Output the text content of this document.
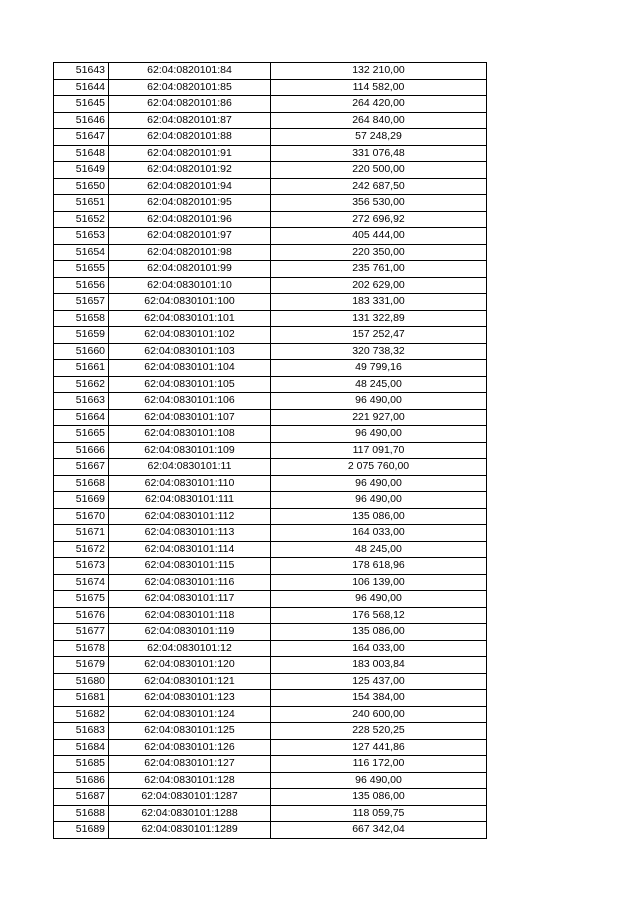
51643	62:04:0820101:84	132 210,00
51644	62:04:0820101:85	114 582,00
51645	62:04:0820101:86	264 420,00
51646	62:04:0820101:87	264 840,00
51647	62:04:0820101:88	57 248,29
51648	62:04:0820101:91	331 076,48
51649	62:04:0820101:92	220 500,00
51650	62:04:0820101:94	242 687,50
51651	62:04:0820101:95	356 530,00
51652	62:04:0820101:96	272 696,92
51653	62:04:0820101:97	405 444,00
51654	62:04:0820101:98	220 350,00
51655	62:04:0820101:99	235 761,00
51656	62:04:0830101:10	202 629,00
51657	62:04:0830101:100	183 331,00
51658	62:04:0830101:101	131 322,89
51659	62:04:0830101:102	157 252,47
51660	62:04:0830101:103	320 738,32
51661	62:04:0830101:104	49 799,16
51662	62:04:0830101:105	48 245,00
51663	62:04:0830101:106	96 490,00
51664	62:04:0830101:107	221 927,00
51665	62:04:0830101:108	96 490,00
51666	62:04:0830101:109	117 091,70
51667	62:04:0830101:11	2 075 760,00
51668	62:04:0830101:110	96 490,00
51669	62:04:0830101:111	96 490,00
51670	62:04:0830101:112	135 086,00
51671	62:04:0830101:113	164 033,00
51672	62:04:0830101:114	48 245,00
51673	62:04:0830101:115	178 618,96
51674	62:04:0830101:116	106 139,00
51675	62:04:0830101:117	96 490,00
51676	62:04:0830101:118	176 568,12
51677	62:04:0830101:119	135 086,00
51678	62:04:0830101:12	164 033,00
51679	62:04:0830101:120	183 003,84
51680	62:04:0830101:121	125 437,00
51681	62:04:0830101:123	154 384,00
51682	62:04:0830101:124	240 600,00
51683	62:04:0830101:125	228 520,25
51684	62:04:0830101:126	127 441,86
51685	62:04:0830101:127	116 172,00
51686	62:04:0830101:128	96 490,00
51687	62:04:0830101:1287	135 086,00
51688	62:04:0830101:1288	118 059,75
51689	62:04:0830101:1289	667 342,04
